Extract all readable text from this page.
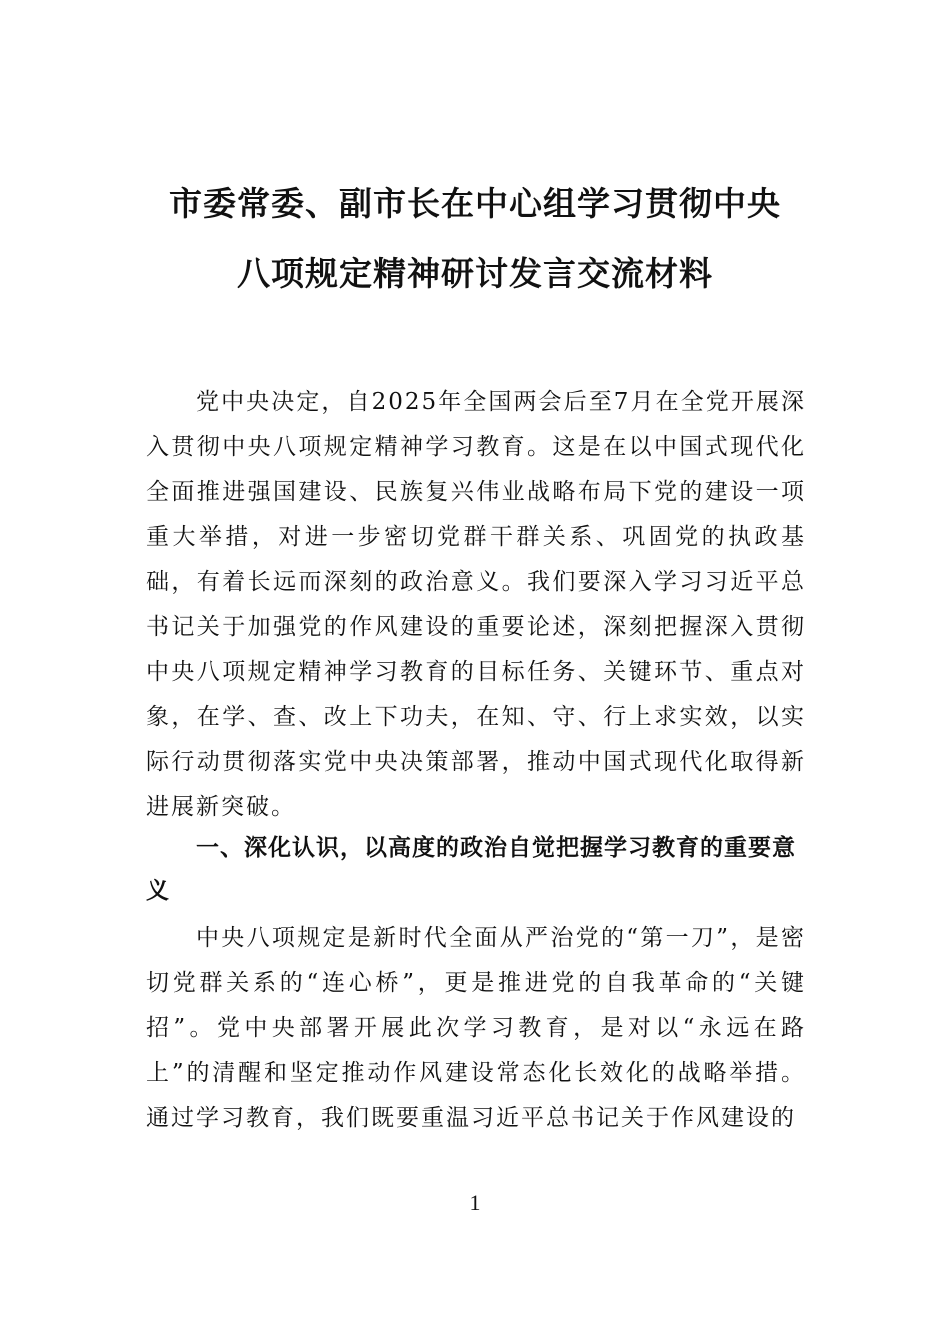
市委常委、副市长在中心组学习贯彻中央
八项规定精神研讨发言交流材料

党中央决定，自2025年全国两会后至7月在全党开展深入贯彻中央八项规定精神学习教育。这是在以中国式现代化全面推进强国建设、民族复兴伟业战略布局下党的建设一项重大举措，对进一步密切党群干群关系、巩固党的执政基础，有着长远而深刻的政治意义。我们要深入学习习近平总书记关于加强党的作风建设的重要论述，深刻把握深入贯彻中央八项规定精神学习教育的目标任务、关键环节、重点对象，在学、查、改上下功夫，在知、守、行上求实效，以实际行动贯彻落实党中央决策部署，推动中国式现代化取得新进展新突破。

一、深化认识，以高度的政治自觉把握学习教育的重要意义

中央八项规定是新时代全面从严治党的“第一刀”，是密切党群关系的“连心桥”，更是推进党的自我革命的“关键招”。党中央部署开展此次学习教育，是对以“永远在路上”的清醒和坚定推动作风建设常态化长效化的战略举措。通过学习教育，我们既要重温习近平总书记关于作风建设的

1
